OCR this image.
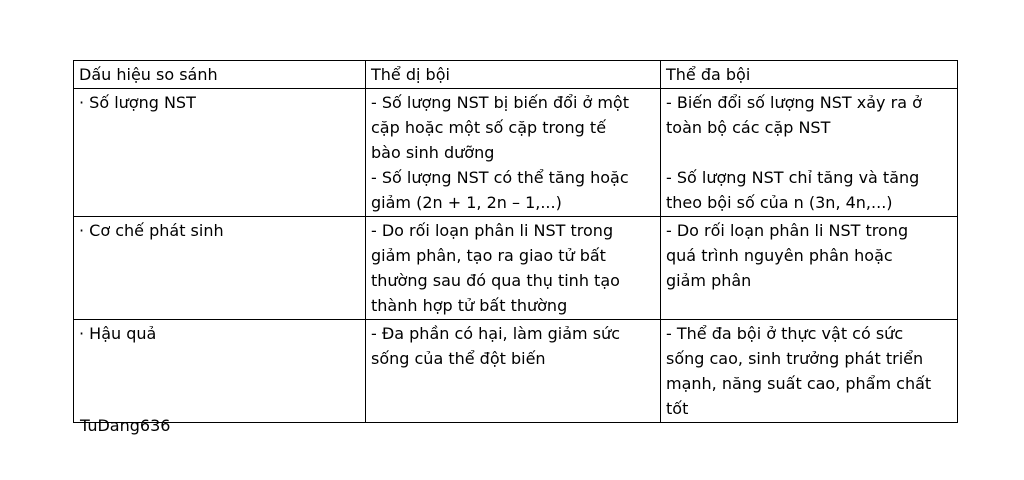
Dấu hiệu so sánh	Thể dị bội	Thể đa bội

· Số lượng NST	- Số lượng NST bị biến đổi ở một
cặp hoặc một số cặp trong tế
bào sinh dưỡng
- Số lượng NST có thể tăng hoặc
giảm (2n + 1, 2n – 1,...)	- Biến đổi số lượng NST xảy ra ở
toàn bộ các cặp NST
- Số lượng NST chỉ tăng và tăng
theo bội số của n (3n, 4n,...)

· Cơ chế phát sinh	- Do rối loạn phân li NST trong
giảm phân, tạo ra giao tử bất
thường sau đó qua thụ tinh tạo
thành hợp tử bất thường	- Do rối loạn phân li NST trong
quá trình nguyên phân hoặc
giảm phân

· Hậu quả	- Đa phần có hại, làm giảm sức
sống của thể đột biến	- Thể đa bội ở thực vật có sức
sống cao, sinh trưởng phát triển
mạnh, năng suất cao, phẩm chất
tốt
TuDang636
